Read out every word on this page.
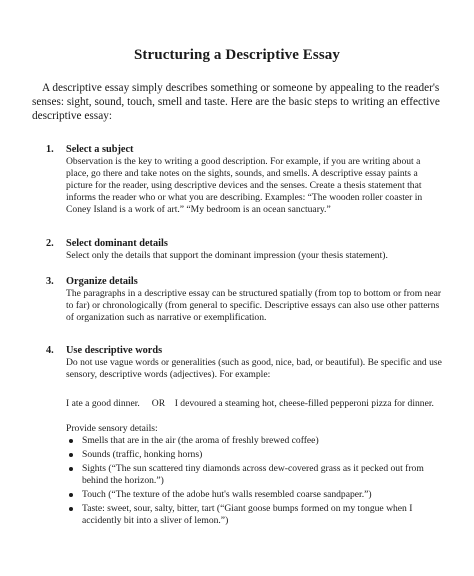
Structuring a Descriptive Essay

A descriptive essay simply describes something or someone by appealing to the reader's senses: sight, sound, touch, smell and taste. Here are the basic steps to writing an effective descriptive essay:

1. Select a subject

Observation is the key to writing a good description. For example, if you are writing about a place, go there and take notes on the sights, sounds, and smells. A descriptive essay paints a picture for the reader, using descriptive devices and the senses. Create a thesis statement that informs the reader who or what you are describing. Examples: “The wooden roller coaster in Coney Island is a work of art.” “My bedroom is an ocean sanctuary.”

2. Select dominant details

Select only the details that support the dominant impression (your thesis statement).

3. Organize details

The paragraphs in a descriptive essay can be structured spatially (from top to bottom or from near to far) or chronologically (from general to specific. Descriptive essays can also use other patterns of organization such as narrative or exemplification.

4. Use descriptive words

Do not use vague words or generalities (such as good, nice, bad, or beautiful). Be specific and use sensory, descriptive words (adjectives). For example:

I ate a good dinner.     OR    I devoured a steaming hot, cheese-filled pepperoni pizza for dinner.

Provide sensory details:

Smells that are in the air (the aroma of freshly brewed coffee)
Sounds (traffic, honking horns)
Sights (“The sun scattered tiny diamonds across dew-covered grass as it pecked out from behind the horizon.”)
Touch (“The texture of the adobe hut's walls resembled coarse sandpaper.”)
Taste: sweet, sour, salty, bitter, tart (“Giant goose bumps formed on my tongue when I accidently bit into a sliver of lemon.”)
